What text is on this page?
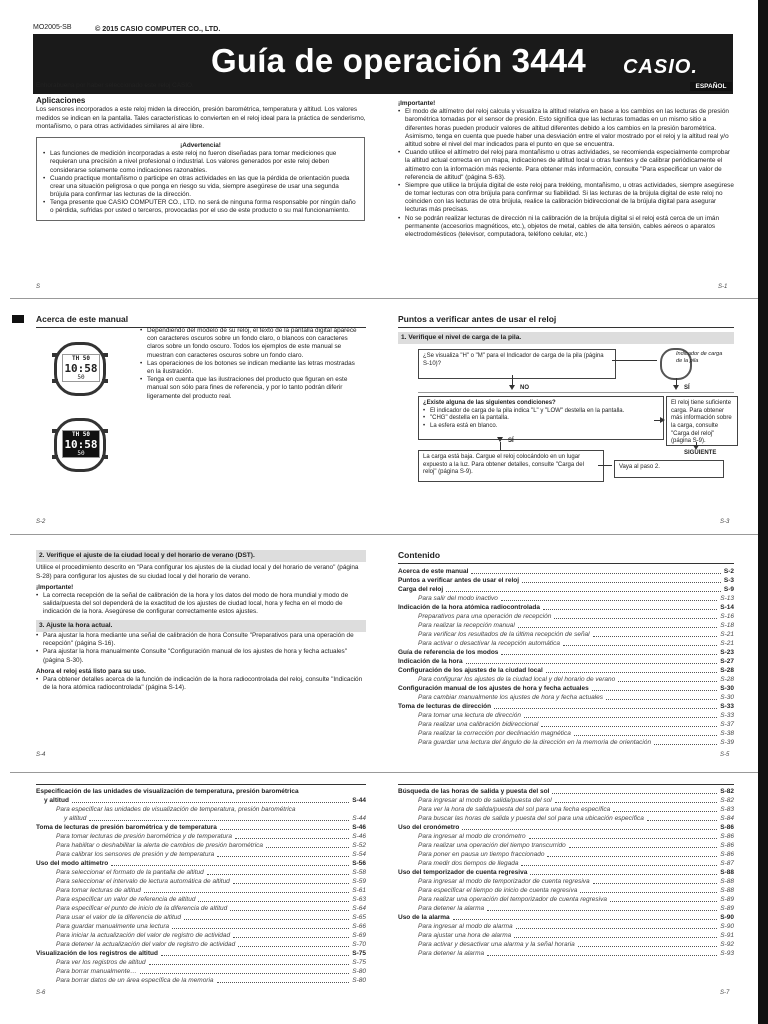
MO2005-SB	© 2015 CASIO COMPUTER CO., LTD.
Guía de operación 3444 CASIO.
Enhorabuena por haber seleccionado este reloj CASIO.
Aplicaciones
Los sensores incorporados a este reloj miden la dirección, presión barométrica, temperatura y altitud. Los valores medidos se indican en la pantalla. Tales características lo convierten en el reloj ideal para la práctica de senderismo, montañismo, o para otras actividades similares al aire libre.
¡Advertencia!
• Las funciones de medición incorporadas a este reloj no fueron diseñadas para tomar mediciones que requieran una precisión a nivel profesional o industrial. Los valores generados por este reloj deben considerarse solamente como indicaciones razonables.
• Cuando practique montañismo o participe en otras actividades en las que la pérdida de orientación pueda crear una situación peligrosa o que ponga en riesgo su vida, siempre asegúrese de usar una segunda brújula para confirmar las lecturas de la dirección.
• Tenga presente que CASIO COMPUTER CO., LTD. no será de ninguna forma responsable por ningún daño o pérdida, sufridas por usted o terceros, provocadas por el uso de este producto o su mal funcionamiento.
ESPAÑOL
¡Importante!
• El modo de altímetro del reloj calcula y visualiza la altitud relativa en base a los cambios en las lecturas de presión barométrica tomadas por el sensor de presión. Esto significa que las lecturas tomadas en un mismo sitio a diferentes horas pueden producir valores de altitud diferentes debido a los cambios en la presión barométrica. Asimismo, tenga en cuenta que puede haber una desviación entre el valor mostrado por el reloj y la altitud real y/o altitud sobre el nivel del mar indicados para el punto en que se encuentra.
• Cuando utilice el altímetro del reloj para montañismo u otras actividades, se recomienda especialmente comprobar la altitud actual correcta en un mapa, indicaciones de altitud local u otras fuentes y de calibrar periódicamente el altímetro con la información más reciente. Para obtener más información, consulte "Para especificar un valor de referencia de altitud" (página S-63).
• Siempre que utilice la brújula digital de este reloj para trekking, montañismo, u otras actividades, siempre asegúrese de tomar lecturas con otra brújula para confirmar su fiabilidad. Si las lecturas de la brújula digital de este reloj no coinciden con las lecturas de otra brújula, realice la calibración bidireccional de la brújula digital para asegurar lecturas más precisas.
• No se podrán realizar lecturas de dirección ni la calibración de la brújula digital si el reloj está cerca de un imán permanente (accesorios magnéticos, etc.), objetos de metal, cables de alta tensión, cables aéreos o aparatos electrodomésticos (televisor, computadora, teléfono celular, etc.)
S	S-1
Acerca de este manual
TH 50
10:58
50
TH 50
10:58
50
• Dependiendo del modelo de su reloj, el texto de la pantalla digital aparece con caracteres oscuros sobre un fondo claro, o blancos con caracteres claros sobre un fondo oscuro. Todos los ejemplos de este manual se muestran con caracteres oscuros sobre un fondo claro.
• Las operaciones de los botones se indican mediante las letras mostradas en la ilustración.
• Tenga en cuenta que las ilustraciones del producto que figuran en este manual son sólo para fines de referencia, y por lo tanto podrán diferir ligeramente del producto real.
S-2
Puntos a verificar antes de usar el reloj
1. Verifique el nivel de carga de la pila.
¿Se visualiza "H" o "M" para el Indicador de carga de la pila (página S-10)?
Indicador de carga de la pila
NO	SÍ
¿Existe alguna de las siguientes condiciones?
• El indicador de carga de la pila indica "L" y "LOW" destella en la pantalla.
• "CHG" destella en la pantalla.
• La esfera está en blanco.
El reloj tiene suficiente carga. Para obtener más información sobre la carga, consulte "Carga del reloj" (página S-9).
SÍ
La carga está baja. Cargue el reloj colocándolo en un lugar expuesto a la luz. Para obtener detalles, consulte "Carga del reloj" (página S-9).
SIGUIENTE
Vaya al paso 2.
S-3
2. Verifique el ajuste de la ciudad local y del horario de verano (DST).
Utilice el procedimiento descrito en "Para configurar los ajustes de la ciudad local y del horario de verano" (página S-28) para configurar los ajustes de su ciudad local y del horario de verano.
¡Importante!
• La correcta recepción de la señal de calibración de la hora y los datos del modo de hora mundial y modo de salida/puesta del sol dependerá de la exactitud de los ajustes de ciudad local, hora y fecha en el modo de indicación de la hora. Asegúrese de configurar correctamente estos ajustes.
3. Ajuste la hora actual.
• Para ajustar la hora mediante una señal de calibración de hora Consulte "Preparativos para una operación de recepción" (página S-16).
• Para ajustar la hora manualmente Consulte "Configuración manual de los ajustes de hora y fecha actuales" (página S-30).
Ahora el reloj está listo para su uso.
• Para obtener detalles acerca de la función de indicación de la hora radiocontrolada del reloj, consulte "Indicación de la hora atómica radiocontrolada" (página S-14).
S-4
Contenido
Acerca de este manual	S-2
Puntos a verificar antes de usar el reloj	S-3
Carga del reloj	S-9
Para salir del modo inactivo	S-13
Indicación de la hora atómica radiocontrolada	S-14
Preparativos para una operación de recepción	S-16
Para realizar la recepción manual	S-18
Para verificar los resultados de la última recepción de señal	S-21
Para activar o desactivar la recepción automática	S-21
Guía de referencia de los modos	S-23
Indicación de la hora	S-27
Configuración de los ajustes de la ciudad local	S-28
Para configurar los ajustes de la ciudad local y del horario de verano	S-28
Configuración manual de los ajustes de hora y fecha actuales	S-30
Para cambiar manualmente los ajustes de hora y fecha actuales	S-30
Toma de lecturas de dirección	S-33
Para tomar una lectura de dirección	S-33
Para realizar una calibración bidireccional	S-37
Para realizar la corrección por declinación magnética	S-38
Para guardar una lectura del ángulo de la dirección en la memoria de orientación	S-39
S-5
Especificación de las unidades de visualización de temperatura, presión barométrica
y altitud	S-44
Para especificar las unidades de visualización de temperatura, presión barométrica
y altitud	S-44
Toma de lecturas de presión barométrica y de temperatura	S-46
Para tomar lecturas de presión barométrica y de temperatura	S-46
Para habilitar o deshabilitar la alerta de cambios de presión barométrica	S-52
Para calibrar los sensores de presión y de temperatura	S-54
Uso del modo altímetro	S-56
Para seleccionar el formato de la pantalla de altitud	S-58
Para seleccionar el intervalo de lectura automática de altitud	S-59
Para tomar lecturas de altitud	S-61
Para especificar un valor de referencia de altitud	S-63
Para especificar el punto de inicio de la diferencia de altitud	S-64
Para usar el valor de la diferencia de altitud	S-65
Para guardar manualmente una lectura	S-66
Para iniciar la actualización del valor de registro de actividad	S-69
Para detener la actualización del valor de registro de actividad	S-70
Visualización de los registros de altitud	S-75
Para ver los registros de altitud	S-75
Para borrar manualmente…	S-80
Para borrar datos de un área específica de la memoria	S-80
S-6
Búsqueda de las horas de salida y puesta del sol	S-82
Para ingresar al modo de salida/puesta del sol	S-82
Para ver la hora de salida/puesta del sol para una fecha específica	S-83
Para buscar las horas de salida y puesta del sol para una ubicación específica	S-84
Uso del cronómetro	S-86
Para ingresar al modo de cronómetro	S-86
Para realizar una operación del tiempo transcurrido	S-86
Para poner en pausa un tiempo fraccionado	S-86
Para medir dos tiempos de llegada	S-87
Uso del temporizador de cuenta regresiva	S-88
Para ingresar al modo de temporizador de cuenta regresiva	S-88
Para especificar el tiempo de inicio de cuenta regresiva	S-88
Para realizar una operación del temporizador de cuenta regresiva	S-89
Para detener la alarma	S-89
Uso de la alarma	S-90
Para ingresar al modo de alarma	S-90
Para ajustar una hora de alarma	S-91
Para activar y desactivar una alarma y la señal horaria	S-92
Para detener la alarma	S-93
S-7
